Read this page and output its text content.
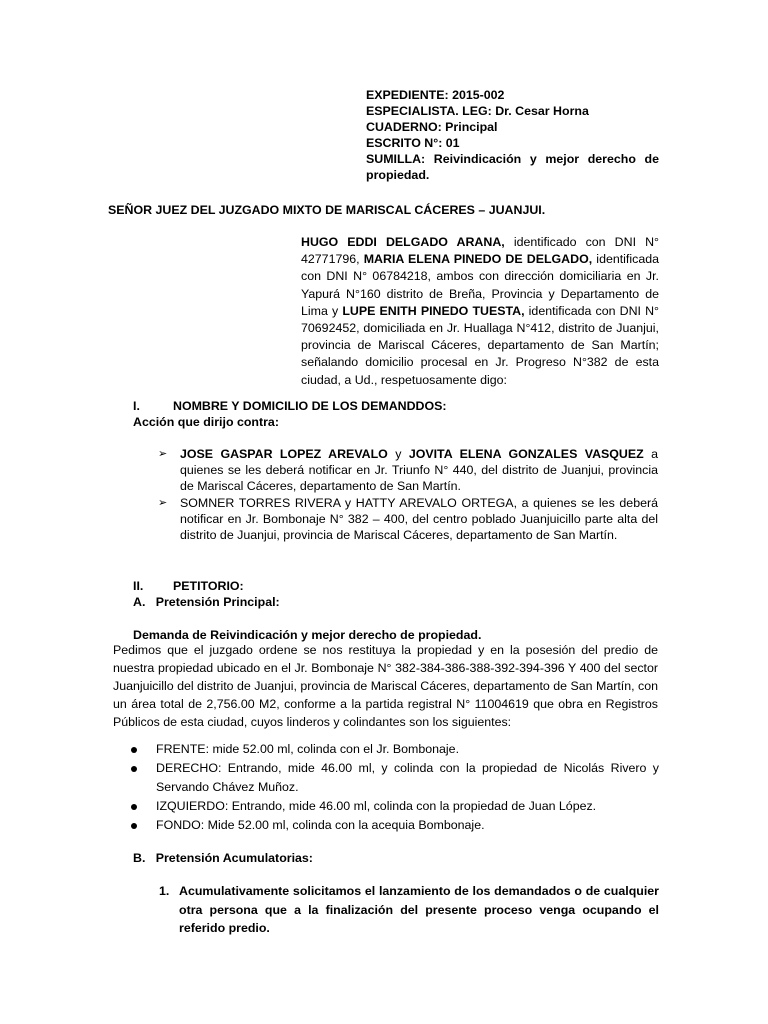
EXPEDIENTE: 2015-002
ESPECIALISTA. LEG: Dr. Cesar Horna
CUADERNO: Principal
ESCRITO N°: 01
SUMILLA: Reivindicación y mejor derecho de propiedad.
SEÑOR JUEZ DEL JUZGADO MIXTO DE MARISCAL CÁCERES – JUANJUI.
HUGO EDDI DELGADO ARANA, identificado con DNI N° 42771796, MARIA ELENA PINEDO DE DELGADO, identificada con DNI N° 06784218, ambos con dirección domiciliaria en Jr. Yapurá N°160 distrito de Breña, Provincia y Departamento de Lima y LUPE ENITH PINEDO TUESTA, identificada con DNI N° 70692452, domiciliada en Jr. Huallaga N°412, distrito de Juanjui, provincia de Mariscal Cáceres, departamento de San Martín; señalando domicilio procesal en Jr. Progreso N°382 de esta ciudad, a Ud., respetuosamente digo:
I.	NOMBRE Y DOMICILIO DE LOS DEMANDDOS:
Acción que dirijo contra:
➢ JOSE GASPAR LOPEZ AREVALO y JOVITA ELENA GONZALES VASQUEZ a quienes se les deberá notificar en Jr. Triunfo N° 440, del distrito de Juanjui, provincia de Mariscal Cáceres, departamento de San Martín.
➢ SOMNER TORRES RIVERA y HATTY AREVALO ORTEGA, a quienes se les deberá notificar en Jr. Bombonaje N° 382 – 400, del centro poblado Juanjuicillo parte alta del distrito de Juanjui, provincia de Mariscal Cáceres, departamento de San Martín.
II. PETITORIO:
A.   Pretensión Principal:
Demanda de Reivindicación y mejor derecho de propiedad.
Pedimos que el juzgado ordene se nos restituya la propiedad y en la posesión del predio de nuestra propiedad ubicado en el Jr. Bombonaje N° 382-384-386-388-392-394-396 Y 400 del sector Juanjuicillo del distrito de Juanjui, provincia de Mariscal Cáceres, departamento de San Martín, con un área total de 2,756.00 M2, conforme a la partida registral N° 11004619 que obra en Registros Públicos de esta ciudad, cuyos linderos y colindantes son los siguientes:
FRENTE: mide 52.00 ml, colinda con el Jr. Bombonaje.
DERECHO: Entrando, mide 46.00 ml, y colinda con la propiedad de Nicolás Rivero y Servando Chávez Muñoz.
IZQUIERDO: Entrando, mide 46.00 ml, colinda con la propiedad de Juan López.
FONDO: Mide 52.00 ml, colinda con la acequia Bombonaje.
B.   Pretensión Acumulatorias:
1. Acumulativamente solicitamos el lanzamiento de los demandados o de cualquier otra persona que a la finalización del presente proceso venga ocupando el referido predio.
